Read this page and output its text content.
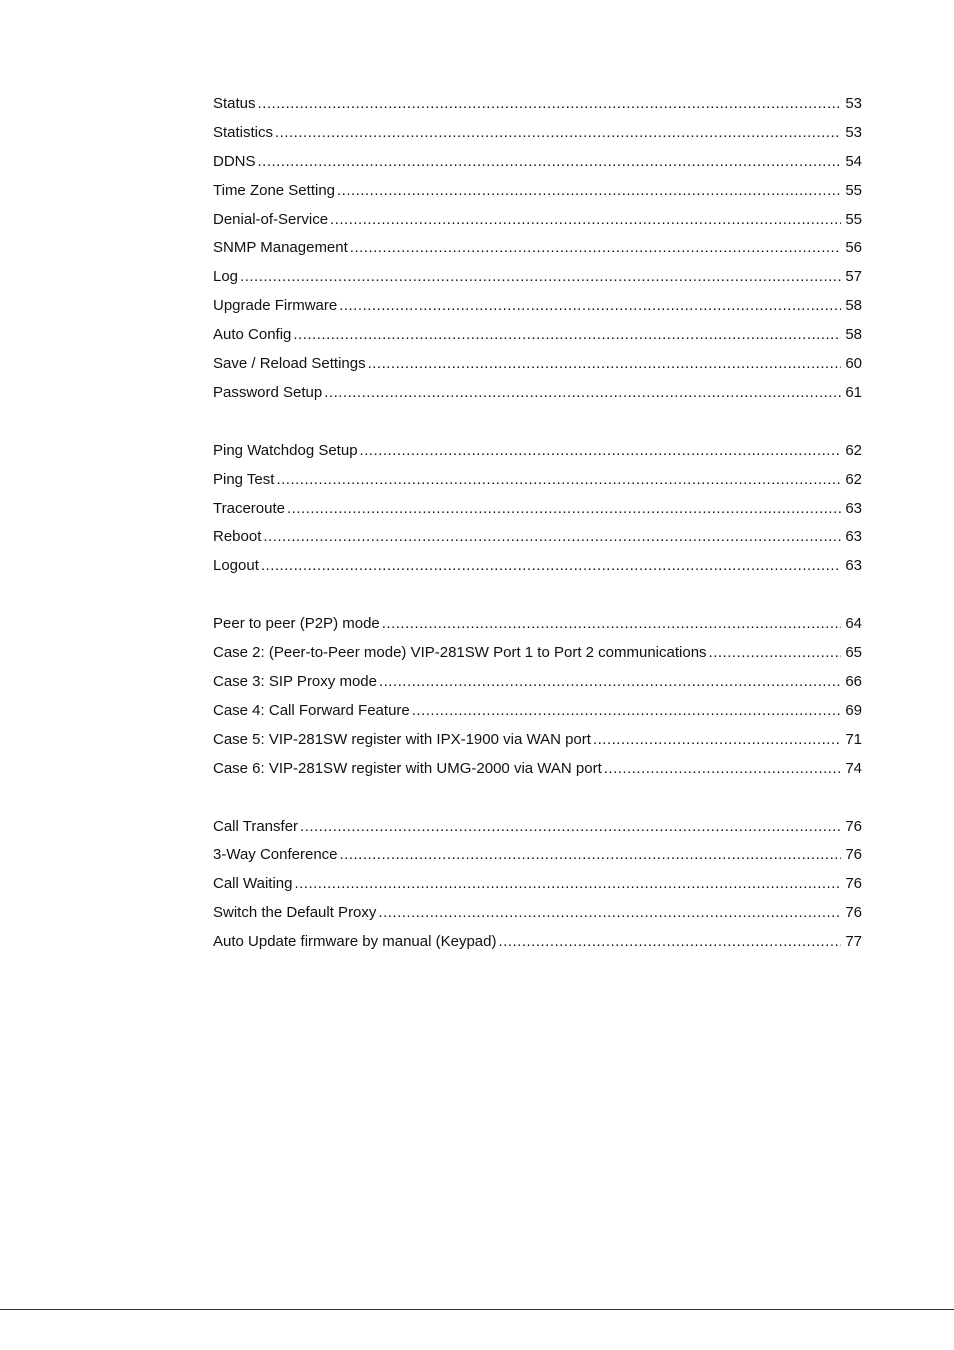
Status .....	53
Statistics .....	53
DDNS .....	54
Time Zone Setting .....	55
Denial-of-Service .....	55
SNMP Management .....	56
Log .....	57
Upgrade Firmware .....	58
Auto Config .....	58
Save / Reload Settings .....	60
Password Setup .....	61
Ping Watchdog Setup .....	62
Ping Test .....	62
Traceroute .....	63
Reboot .....	63
Logout .....	63
Peer to peer (P2P) mode .....	64
Case 2: (Peer-to-Peer mode) VIP-281SW Port 1 to Port 2 communications .....	65
Case 3: SIP Proxy mode .....	66
Case 4: Call Forward Feature .....	69
Case 5: VIP-281SW register with IPX-1900 via WAN port .....	71
Case 6: VIP-281SW register with UMG-2000 via WAN port .....	74
Call Transfer .....	76
3-Way Conference .....	76
Call Waiting .....	76
Switch the Default Proxy .....	76
Auto Update firmware by manual (Keypad) .....	77
